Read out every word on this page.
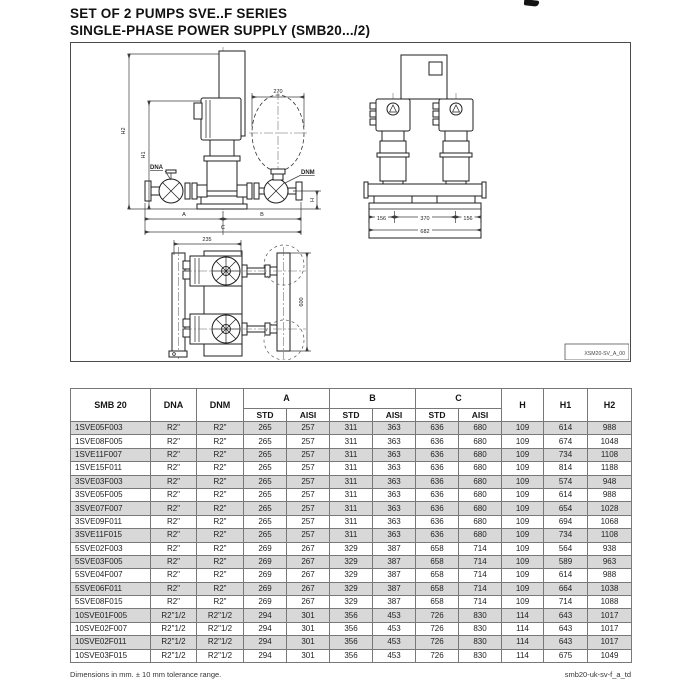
SET OF 2 PUMPS SVE..F SERIES
SINGLE-PHASE POWER SUPPLY (SMB20.../2)
270
H2
H1
H
DNA
DNM
A	B
C
235
600
156	370	156
682
XSM20-SV_A_00
SMB 20	DNA	DNM	A		B		C		H	H1	H2
			STD	AISI	STD	AISI	STD	AISI			
1SVE05F003	R2"	R2"	265	257	311	363	636	680	109	614	988
1SVE08F005	R2"	R2"	265	257	311	363	636	680	109	674	1048
1SVE11F007	R2"	R2"	265	257	311	363	636	680	109	734	1108
1SVE15F011	R2"	R2"	265	257	311	363	636	680	109	814	1188
3SVE03F003	R2"	R2"	265	257	311	363	636	680	109	574	948
3SVE05F005	R2"	R2"	265	257	311	363	636	680	109	614	988
3SVE07F007	R2"	R2"	265	257	311	363	636	680	109	654	1028
3SVE09F011	R2"	R2"	265	257	311	363	636	680	109	694	1068
3SVE11F015	R2"	R2"	265	257	311	363	636	680	109	734	1108
5SVE02F003	R2"	R2"	269	267	329	387	658	714	109	564	938
5SVE03F005	R2"	R2"	269	267	329	387	658	714	109	589	963
5SVE04F007	R2"	R2"	269	267	329	387	658	714	109	614	988
5SVE06F011	R2"	R2"	269	267	329	387	658	714	109	664	1038
5SVE08F015	R2"	R2"	269	267	329	387	658	714	109	714	1088
10SVE01F005	R2"1/2	R2"1/2	294	301	356	453	726	830	114	643	1017
10SVE02F007	R2"1/2	R2"1/2	294	301	356	453	726	830	114	643	1017
10SVE02F011	R2"1/2	R2"1/2	294	301	356	453	726	830	114	643	1017
10SVE03F015	R2"1/2	R2"1/2	294	301	356	453	726	830	114	675	1049
Dimensions in mm. ± 10 mm tolerance range.	smb20-uk-sv-f_a_td
